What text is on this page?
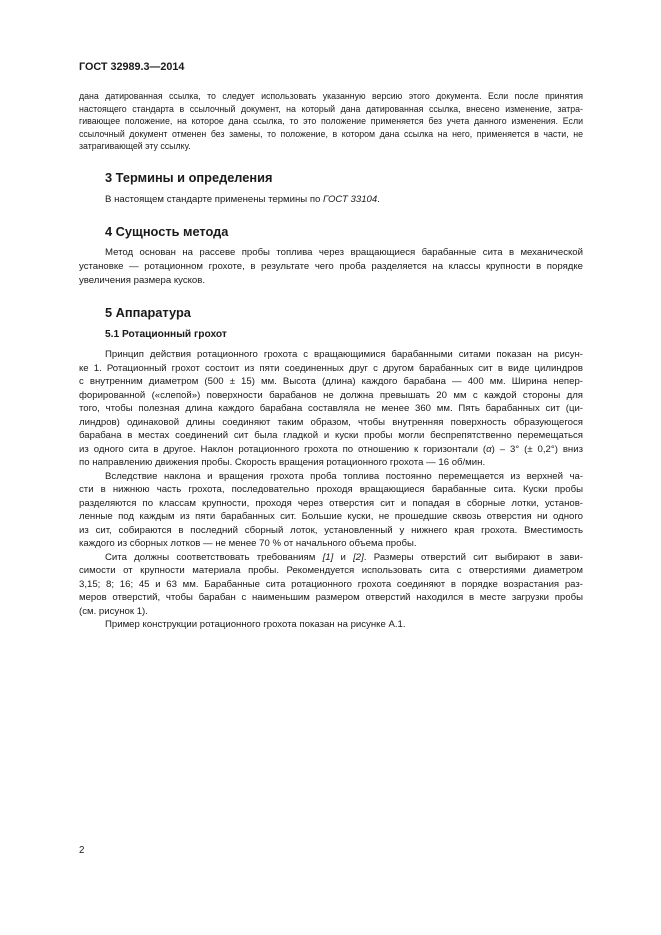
ГОСТ 32989.3—2014
дана датированная ссылка, то следует использовать указанную версию этого документа. Если после принятия
настоящего стандарта в ссылочный документ, на который дана датированная ссылка, внесено изменение, затра-
гивающее положение, на которое дана ссылка, то это положение применяется без учета данного изменения. Если
ссылочный документ отменен без замены, то положение, в котором дана ссылка на него, применяется в части, не
затрагивающей эту ссылку.
3 Термины и определения
В настоящем стандарте применены термины по ГОСТ 33104.
4 Сущность метода
Метод основан на рассеве пробы топлива через вращающиеся барабанные сита в механической
установке — ротационном грохоте, в результате чего проба разделяется на классы крупности в порядке
увеличения размера кусков.
5 Аппаратура
5.1 Ротационный грохот
Принцип действия ротационного грохота с вращающимися барабанными ситами показан на рисун-
ке 1. Ротационный грохот состоит из пяти соединенных друг с другом барабанных сит в виде цилиндров
с внутренним диаметром (500 ± 15) мм. Высота (длина) каждого барабана — 400 мм. Ширина непер-
форированной («слепой») поверхности барабанов не должна превышать 20 мм с каждой стороны для
того, чтобы полезная длина каждого барабана составляла не менее 360 мм. Пять барабанных сит (ци-
линдров) одинаковой длины соединяют таким образом, чтобы внутренняя поверхность образующегося
барабана в местах соединений сит была гладкой и куски пробы могли беспрепятственно перемещаться
из одного сита в другое. Наклон ротационного грохота по отношению к горизонтали (α) – 3° (± 0,2°) вниз
по направлению движения пробы. Скорость вращения ротационного грохота — 16 об/мин.
Вследствие наклона и вращения грохота проба топлива постоянно перемещается из верхней ча-
сти в нижнюю часть грохота, последовательно проходя вращающиеся барабанные сита. Куски пробы
разделяются по классам крупности, проходя через отверстия сит и попадая в сборные лотки, установ-
ленные под каждым из пяти барабанных сит. Большие куски, не прошедшие сквозь отверстия ни одного
из сит, собираются в последний сборный лоток, установленный у нижнего края грохота. Вместимость
каждого из сборных лотков — не менее 70 % от начального объема пробы.
Сита должны соответствовать требованиям [1] и [2]. Размеры отверстий сит выбирают в зави-
симости от крупности материала пробы. Рекомендуется использовать сита с отверстиями диаметром
3,15; 8; 16; 45 и 63 мм. Барабанные сита ротационного грохота соединяют в порядке возрастания раз-
меров отверстий, чтобы барабан с наименьшим размером отверстий находился в месте загрузки пробы
(см. рисунок 1).
Пример конструкции ротационного грохота показан на рисунке А.1.
2
